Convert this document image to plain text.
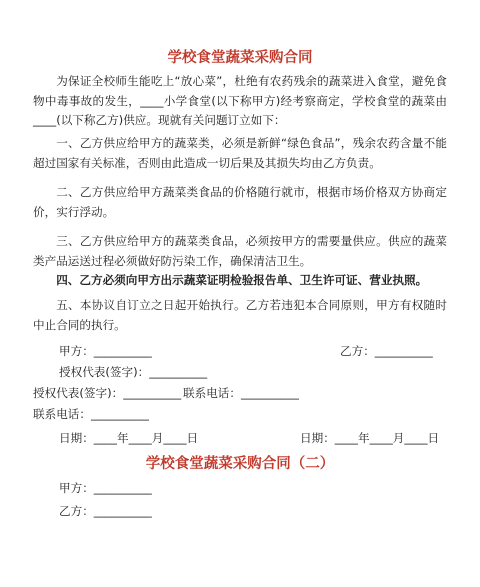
学校食堂蔬菜采购合同

为保证全校师生能吃上“放心菜”，杜绝有农药残余的蔬菜进入食堂，避免食物中毒事故的发生，____小学食堂(以下称甲方)经考察商定，学校食堂的蔬菜由____(以下称乙方)供应。现就有关问题订立如下：

一、乙方供应给甲方的蔬菜类，必须是新鲜“绿色食品”，残余农药含量不能超过国家有关标准，否则由此造成一切后果及其损失均由乙方负责。

二、乙方供应给甲方蔬菜类食品的价格随行就市，根据市场价格双方协商定价，实行浮动。

三、乙方供应给甲方的蔬菜类食品，必须按甲方的需要量供应。供应的蔬菜类产品运送过程必须做好防污染工作，确保清洁卫生。

四、乙方必须向甲方出示蔬菜证明检验报告单、卫生许可证、营业执照。

五、本协议自订立之日起开始执行。乙方若违犯本合同原则，甲方有权随时中止合同的执行。

甲方：__________	乙方：__________
授权代表(签字)：__________
授权代表(签字)：__________ 联系电话：__________
联系电话：__________
日期：____年____月____日	日期：____年____月____日
学校食堂蔬菜采购合同（二）
甲方：__________
乙方：__________
